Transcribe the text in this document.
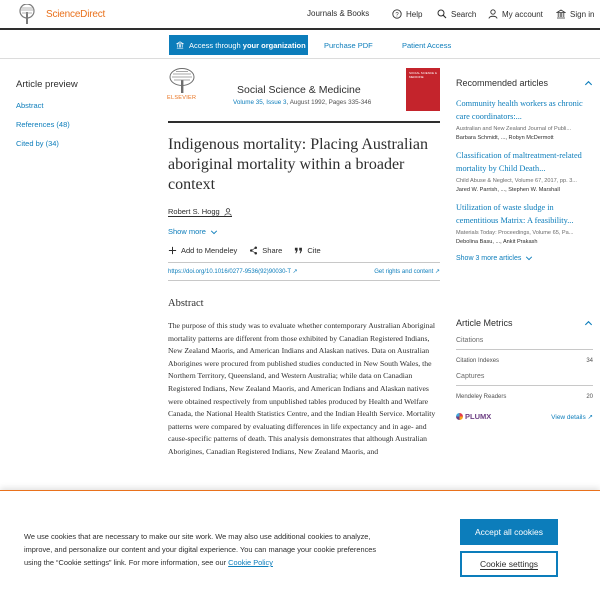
ScienceDirect	Journals & Books	? Help	Search	My account	Sign in
Access through your organization Purchase PDF	Patient Access
Article preview
Abstract
References (48)
Cited by (34)
ELSEVIER
Social Science & Medicine
Volume 35, Issue 3, August 1992, Pages 335-346
SOCIAL SCIENCE & MEDICINE
Indigenous mortality: Placing Australian aboriginal mortality within a broader context
Robert S. Hogg
Show more
Add to Mendeley	Share	Cite
https://doi.org/10.1016/0277-9536(92)90030-T ↗	Get rights and content ↗
Abstract

The purpose of this study was to evaluate whether contemporary Australian Aboriginal mortality patterns are different from those exhibited by Canadian Registered Indians, New Zealand Maoris, and American Indians and Alaskan natives. Data on Australian Aborigines were procured from published studies conducted in New South Wales, the Northern Territory, Queensland, and Western Australia; while data on Canadian Registered Indians, New Zealand Maoris, and American Indians and Alaskan natives were obtained respectively from unpublished tables produced by Health and Welfare Canada, the National Health Statistics Centre, and the Indian Health Service. Mortality patterns were compared by evaluating differences in life expectancy and in age- and cause-specific patterns of death. This analysis demonstrates that although Australian Aborigines, Canadian Registered Indians, New Zealand Maoris, and

Recommended articles
Community health workers as chronic care coordinators:...
Australian and New Zealand Journal of Publi...
Barbara Schmidt, ..., Robyn McDermott
Classification of maltreatment-related mortality by Child Death...
Child Abuse & Neglect, Volume 67, 2017, pp. 3...
Jared W. Parrish, ..., Stephen W. Marshall
Utilization of waste sludge in cementitious Matrix: A feasibility...
Materials Today: Proceedings, Volume 65, Pa...
Debolina Basu, ..., Ankit Prakash
Show 3 more articles
Article Metrics
Citations
Citation Indexes	34
Captures
Mendeley Readers	20
PLUMX	View details ↗

We use cookies that are necessary to make our site work. We may also use additional cookies to analyze, improve, and personalize our content and your digital experience. You can manage your cookie preferences using the “Cookie settings” link. For more information, see our Cookie Policy

Accept all cookies
Cookie settings
